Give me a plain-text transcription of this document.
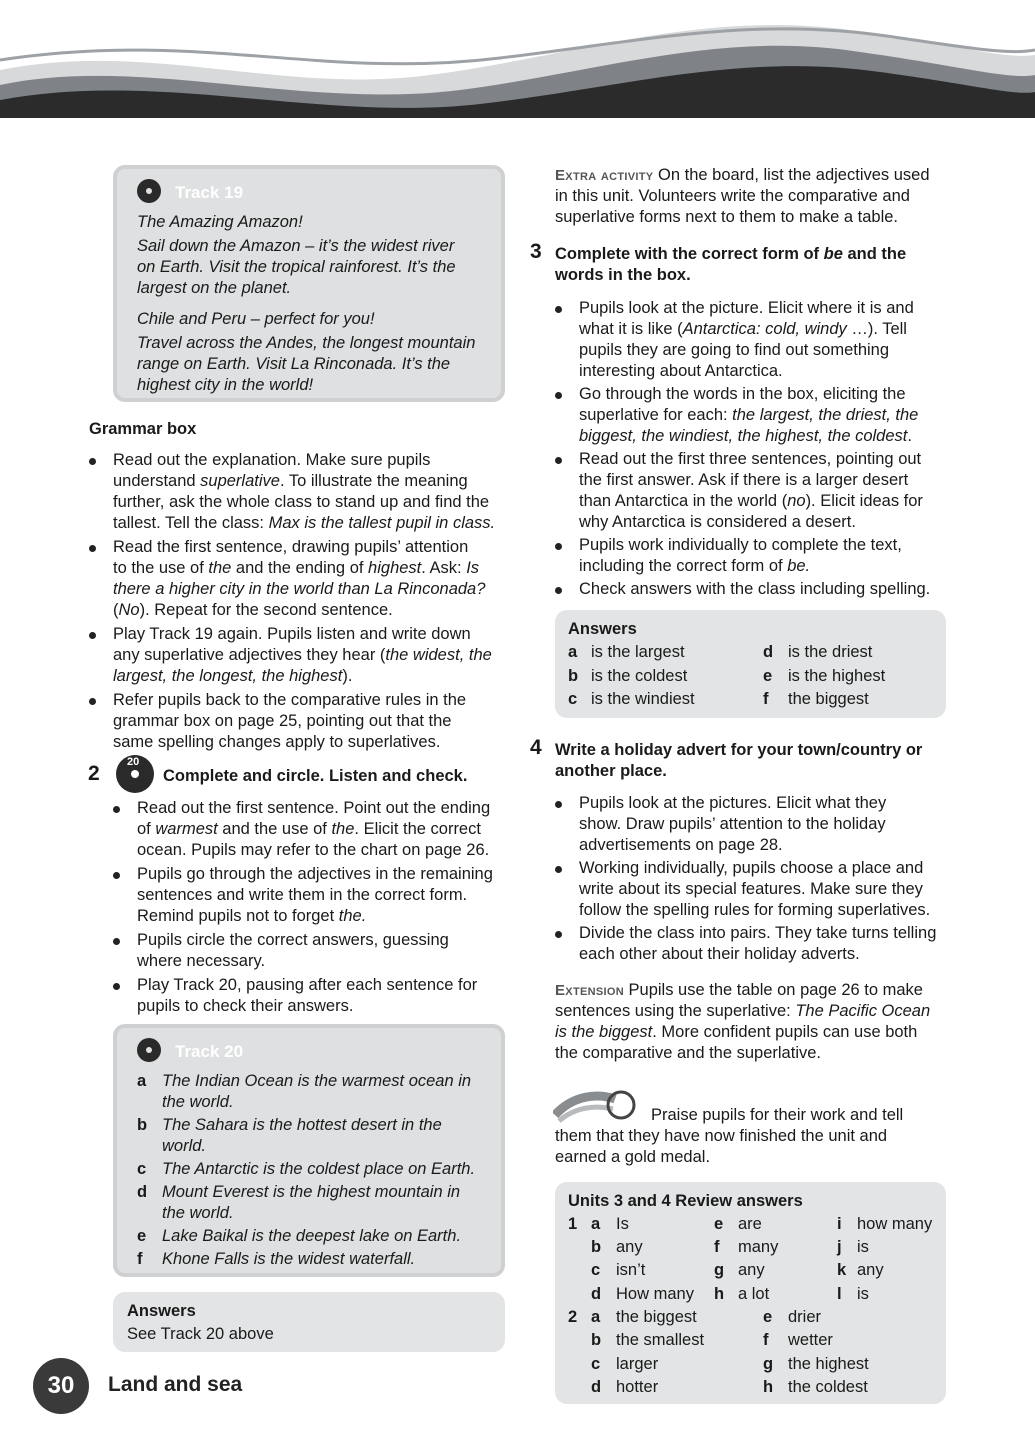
Track 19
The Amazing Amazon!
Sail down the Amazon – it’s the widest river
on Earth. Visit the tropical rainforest. It’s the
largest on the planet.
Chile and Peru – perfect for you!
Travel across the Andes, the longest mountain
range on Earth. Visit La Rinconada. It’s the
highest city in the world!
Grammar box
Read out the explanation. Make sure pupils
understand superlative. To illustrate the meaning
further, ask the whole class to stand up and find the
tallest. Tell the class: Max is the tallest pupil in class.
Read the first sentence, drawing pupils’ attention
to the use of the and the ending of highest. Ask: Is
there a higher city in the world than La Rinconada?
(No). Repeat for the second sentence.
Play Track 19 again. Pupils listen and write down
any superlative adjectives they hear (the widest, the
largest, the longest, the highest).
Refer pupils back to the comparative rules in the
grammar box on page 25, pointing out that the
same spelling changes apply to superlatives.
2 20
Complete and circle. Listen and check.
Read out the first sentence. Point out the ending
of warmest and the use of the. Elicit the correct
ocean. Pupils may refer to the chart on page 26.
Pupils go through the adjectives in the remaining
sentences and write them in the correct form.
Remind pupils not to forget the.
Pupils circle the correct answers, guessing
where necessary.
Play Track 20, pausing after each sentence for
pupils to check their answers.
Track 20
a The Indian Ocean is the warmest ocean in
the world.
b The Sahara is the hottest desert in the
world.
c The Antarctic is the coldest place on Earth.
d Mount Everest is the highest mountain in
the world.
e Lake Baikal is the deepest lake on Earth.
f Khone Falls is the widest waterfall.
Answers
See Track 20 above
30	Land and sea
Extra activity On the board, list the adjectives used
in this unit. Volunteers write the comparative and
superlative forms next to them to make a table.
3 Complete with the correct form of be and the
words in the box.
Pupils look at the picture. Elicit where it is and
what it is like (Antarctica: cold, windy …). Tell
pupils they are going to find out something
interesting about Antarctica.
Go through the words in the box, eliciting the
superlative for each: the largest, the driest, the
biggest, the windiest, the highest, the coldest.
Read out the first three sentences, pointing out
the first answer. Ask if there is a larger desert
than Antarctica in the world (no). Elicit ideas for
why Antarctica is considered a desert.
Pupils work individually to complete the text,
including the correct form of be.
Check answers with the class including spelling.
Answers
a is the largest
b is the coldest
c is the windiest
d is the driest
e is the highest
f the biggest
4 Write a holiday advert for your town/country or
another place.
Pupils look at the pictures. Elicit what they
show. Draw pupils’ attention to the holiday
advertisements on page 28.
Working individually, pupils choose a place and
write about its special features. Make sure they
follow the spelling rules for forming superlatives.
Divide the class into pairs. They take turns telling
each other about their holiday adverts.
Extension Pupils use the table on page 26 to make
sentences using the superlative: The Pacific Ocean
is the biggest. More confident pupils can use both
the comparative and the superlative.
Praise pupils for their work and tell
them that they have now finished the unit and
earned a gold medal.
Units 3 and 4 Review answers
1
2
a Is
b any
c isn’t
d How many
e are
f many
g any
h a lot
i how many
j is
k any
l is
a the biggest
b the smallest
c larger
d hotter
e drier
f wetter
g the highest
h the coldest
